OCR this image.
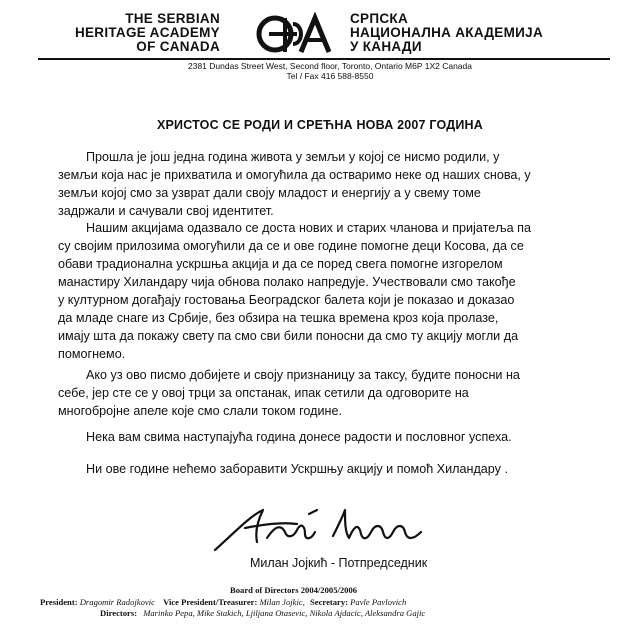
THE SERBIAN
HERITAGE ACADEMY
OF CANADA
СРПСКА
НАЦИОНАЛНА АКАДЕМИЈА
У КАНАДИ
2381 Dundas Street West, Second floor, Toronto, Ontario M6P 1X2 Canada
Tel / Fax 416 588-8550
ХРИСТОС СЕ РОДИ И СРЕЋНА НОВА 2007 ГОДИНА
Прошла је још једна година живота у земљи у којој се нисмо родили, у
земљи која нас је прихватила и омогућила да остваримо неке од наших снова, у
земљи којој смо за узврат дали своју младост и енергију а у свему томе
задржали и сачували свој идентитет.
Нашим акцијама одазвало се доста нових и старих чланова и пријатеља па
су својим прилозима омогућили да се и ове године помогне деци Косова, да се
обави традиoнална ускршња акција и да се поред свега помогне изгорелом
манастиру Хиландару чија обнова полако напредује. Учествовали смо такође
у културном догађају гостовања Београдског балета који је показао и доказао
да младе снаге из Србије, без обзира на тешка времена кроз која пролазе,
имају шта да покажу свету па смо сви били поносни да смо ту акцију могли да
помогнемо.
Ако уз ово писмо добијете и своју признаницу за таксу, будите поносни на
себе, јер сте се у овој трци за опстанак, ипак сетили да одговорите на
многобројне апеле које смо слали током године.
Нека вам свима наступајућа година донесе радости и пословног успеха.
Ни ове године нећемо заборавити Ускршњу акцију и помоћ Хиландару .
Милан Јојкић - Потпредседник
Board of Directors 2004/2005/2006
President: Dragomir Radojkovic Vice President/Treasurer: Milan Jojkic, Secretary: Pavle Pavlovich
Directors: Marinko Pepa, Mike Stakich, Ljiljana Otasevic, Nikola Ajdacic, Aleksandra Gajic
